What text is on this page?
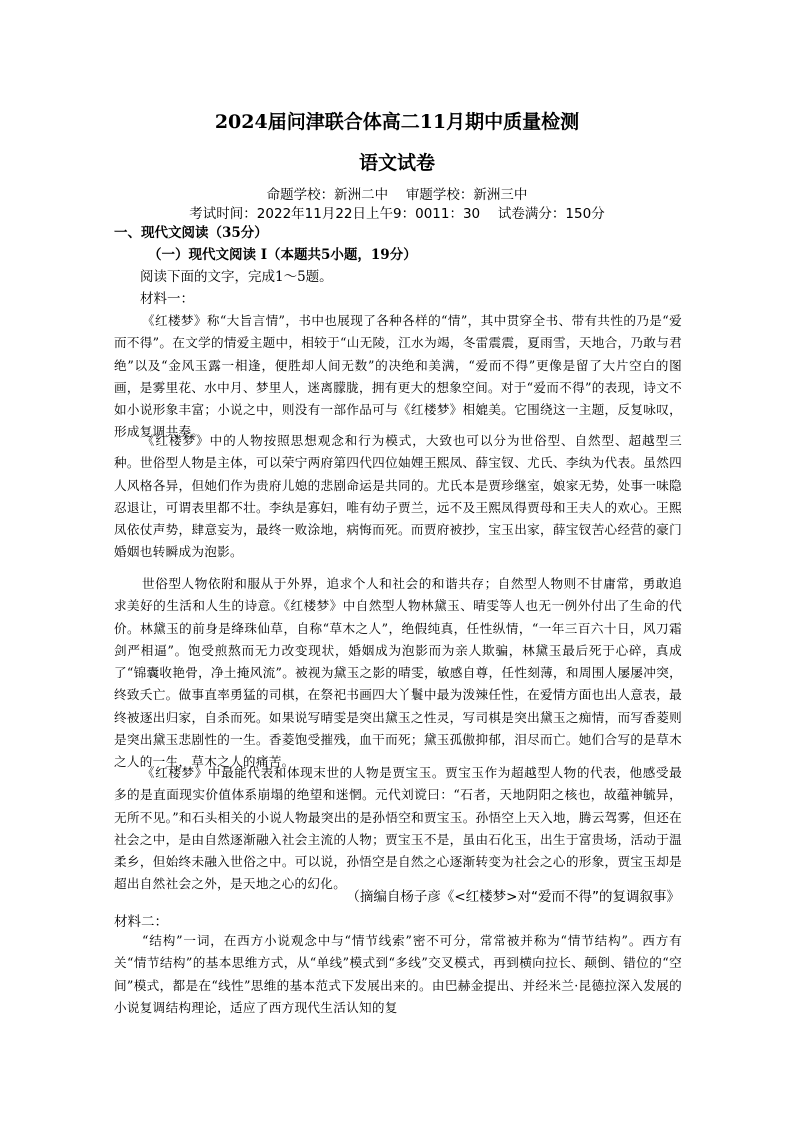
2024届问津联合体高二11月期中质量检测
语文试卷
命题学校：新洲二中　 审题学校：新洲三中
考试时间：2022年11月22日上午9：0011：30　 试卷满分：150分
一、现代文阅读（35分）
（一）现代文阅读 I（本题共5小题，19分）
阅读下面的文字，完成1～5题。
材料一：

《红楼梦》称“大旨言情”，书中也展现了各种各样的“情”，其中贯穿全书、带有共性的乃是“爱而不得”。在文学的情爱主题中，相较于“山无陵，江水为竭，冬雷震震，夏雨雪，天地合，乃敢与君绝”以及“金风玉露一相逢，便胜却人间无数”的决绝和美满，“爱而不得”更像是留了大片空白的图画，是雾里花、水中月、梦里人，迷离朦胧，拥有更大的想象空间。对于“爱而不得”的表现，诗文不如小说形象丰富；小说之中，则没有一部作品可与《红楼梦》相媲美。它围绕这一主题，反复咏叹，形成复调共奏。

《红楼梦》中的人物按照思想观念和行为模式，大致也可以分为世俗型、自然型、超越型三种。世俗型人物是主体，可以荣宁两府第四代四位妯娌王熙凤、薛宝钗、尤氏、李纨为代表。虽然四人风格各异，但她们作为贵府儿媳的悲剧命运是共同的。尤氏本是贾珍继室，娘家无势，处事一味隐忍退让，可谓表里都不壮。李纨是寡妇，唯有幼子贾兰，远不及王熙凤得贾母和王夫人的欢心。王熙凤依仗声势，肆意妄为，最终一败涂地，病悔而死。而贾府被抄，宝玉出家，薛宝钗苦心经营的豪门婚姻也转瞬成为泡影。

世俗型人物依附和服从于外界，追求个人和社会的和谐共存；自然型人物则不甘庸常，勇敢追求美好的生活和人生的诗意。《红楼梦》中自然型人物林黛玉、晴雯等人也无一例外付出了生命的代价。林黛玉的前身是绛珠仙草，自称“草木之人”，绝假纯真，任性纵情，“一年三百六十日，风刀霜剑严相逼”。饱受煎熬而无力改变现状，婚姻成为泡影而为亲人欺骗，林黛玉最后死于心碎，真成了“锦囊收艳骨，净土掩风流”。被视为黛玉之影的晴雯，敏感自尊，任性刻薄，和周围人屡屡冲突，终致夭亡。做事直率勇猛的司棋，在祭祀书画四大丫鬟中最为泼辣任性，在爱情方面也出人意表，最终被逐出归家，自杀而死。如果说写晴雯是突出黛玉之性灵，写司棋是突出黛玉之痴情，而写香菱则是突出黛玉悲剧性的一生。香菱饱受摧残，血干而死；黛玉孤傲抑郁，泪尽而亡。她们合写的是草木之人的一生，草木之人的痛苦。

《红楼梦》中最能代表和体现末世的人物是贾宝玉。贾宝玉作为超越型人物的代表，他感受最多的是直面现实价值体系崩塌的绝望和迷惘。元代刘谠曰：“石者，天地阴阳之核也，故蕴神毓异，无所不见。”和石头相关的小说人物最突出的是孙悟空和贾宝玉。孙悟空上天入地，腾云驾雾，但还在社会之中，是由自然逐渐融入社会主流的人物；贾宝玉不是，虽由石化玉，出生于富贵场，活动于温柔乡，但始终未融入世俗之中。可以说，孙悟空是自然之心逐渐转变为社会之心的形象，贾宝玉却是超出自然社会之外，是天地之心的幻化。

（摘编自杨子彦《<红楼梦>对“爱而不得”的复调叙事》
材料二：

“结构”一词，在西方小说观念中与“情节线索”密不可分，常常被并称为“情节结构”。西方有关“情节结构”的基本思维方式，从“单线”模式到“多线”交叉模式，再到横向拉长、颠倒、错位的“空间”模式，都是在“线性”思维的基本范式下发展出来的。由巴赫金提出、并经米兰·昆德拉深入发展的小说复调结构理论，适应了西方现代生活认知的复
